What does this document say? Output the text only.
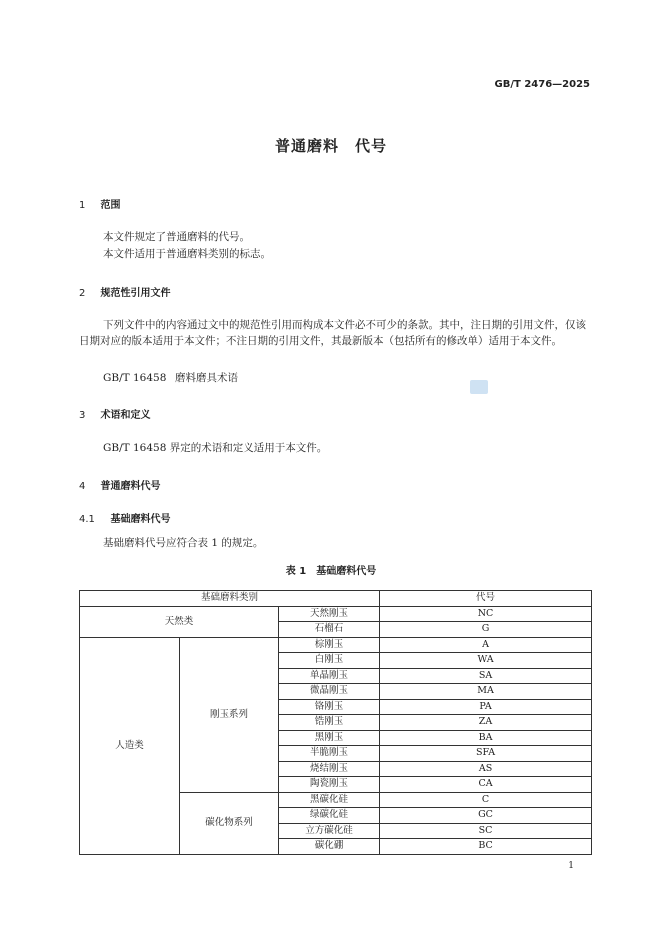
GB/T 2476—2025
普通磨料　代号
1 范围
本文件规定了普通磨料的代号。
本文件适用于普通磨料类别的标志。
2 规范性引用文件
下列文件中的内容通过文中的规范性引用而构成本文件必不可少的条款。其中，注日期的引用文件，仅该日期对应的版本适用于本文件；不注日期的引用文件，其最新版本（包括所有的修改单）适用于本文件。
GB/T 16458 磨料磨具术语
3 术语和定义
GB/T 16458 界定的术语和定义适用于本文件。
4 普通磨料代号
4.1 基础磨料代号
基础磨料代号应符合表 1 的规定。
表 1　基础磨料代号
基础磨料类别			代号
天然类		天然刚玉	NC
		石榴石	G
人造类	刚玉系列	棕刚玉	A
		白刚玉	WA
		单晶刚玉	SA
		微晶刚玉	MA
		铬刚玉	PA
		锆刚玉	ZA
		黑刚玉	BA
		半脆刚玉	SFA
		烧结刚玉	AS
		陶瓷刚玉	CA
	碳化物系列	黑碳化硅	C
		绿碳化硅	GC
		立方碳化硅	SC
		碳化硼	BC
1
